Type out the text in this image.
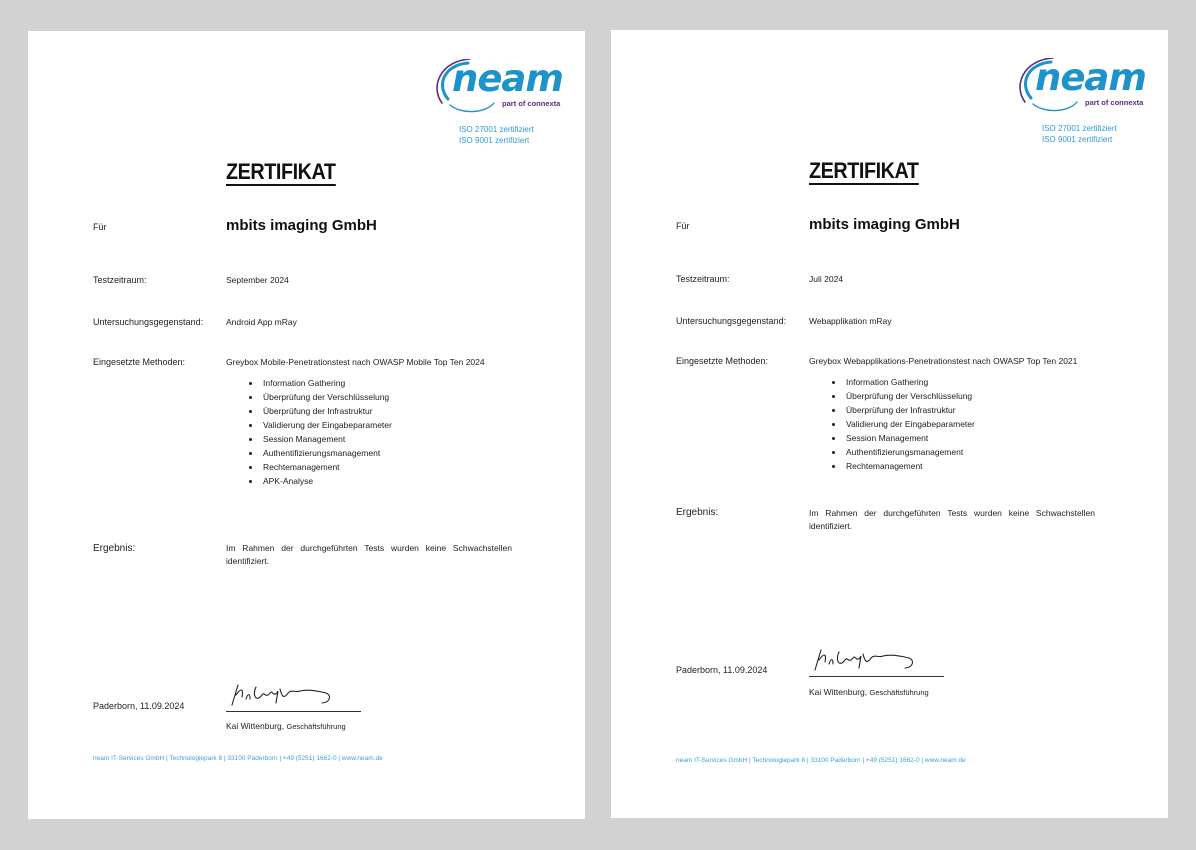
neam
part of connexta
ISO 27001 zertifiziert
ISO 9001 zertifiziert
ZERTIFIKAT
Für	mbits imaging GmbH
Testzeitraum:	September 2024
Untersuchungsgegenstand:	Android App mRay
Eingesetzte Methoden:	Greybox Mobile-Penetrationstest nach OWASP Mobile Top Ten 2024
• Information Gathering
• Überprüfung der Verschlüsselung
• Überprüfung der Infrastruktur
• Validierung der Eingabeparameter
• Session Management
• Authentifizierungsmanagement
• Rechtemanagement
• APK-Analyse
Ergebnis:	Im Rahmen der durchgeführten Tests wurden keine Schwachstellen identifiziert.
Paderborn, 11.09.2024
Kai Wittenburg, Geschäftsführung
neam IT-Services GmbH | Technologiepark 8 | 33100 Paderborn | +49 (5251) 1662-0 | www.neam.de
neam
part of connexta
ISO 27001 zertifiziert
ISO 9001 zertifiziert
ZERTIFIKAT
Für	mbits imaging GmbH
Testzeitraum:	Juli 2024
Untersuchungsgegenstand:	Webapplikation mRay
Eingesetzte Methoden:	Greybox Webapplikations-Penetrationstest nach OWASP Top Ten 2021
• Information Gathering
• Überprüfung der Verschlüsselung
• Überprüfung der Infrastruktur
• Validierung der Eingabeparameter
• Session Management
• Authentifizierungsmanagement
• Rechtemanagement
Ergebnis:	Im Rahmen der durchgeführten Tests wurden keine Schwachstellen identifiziert.
Paderborn, 11.09.2024
Kai Wittenburg, Geschäftsführung
neam IT-Services GmbH | Technologiepark 8 | 33100 Paderborn | +49 (5251) 1662-0 | www.neam.de
